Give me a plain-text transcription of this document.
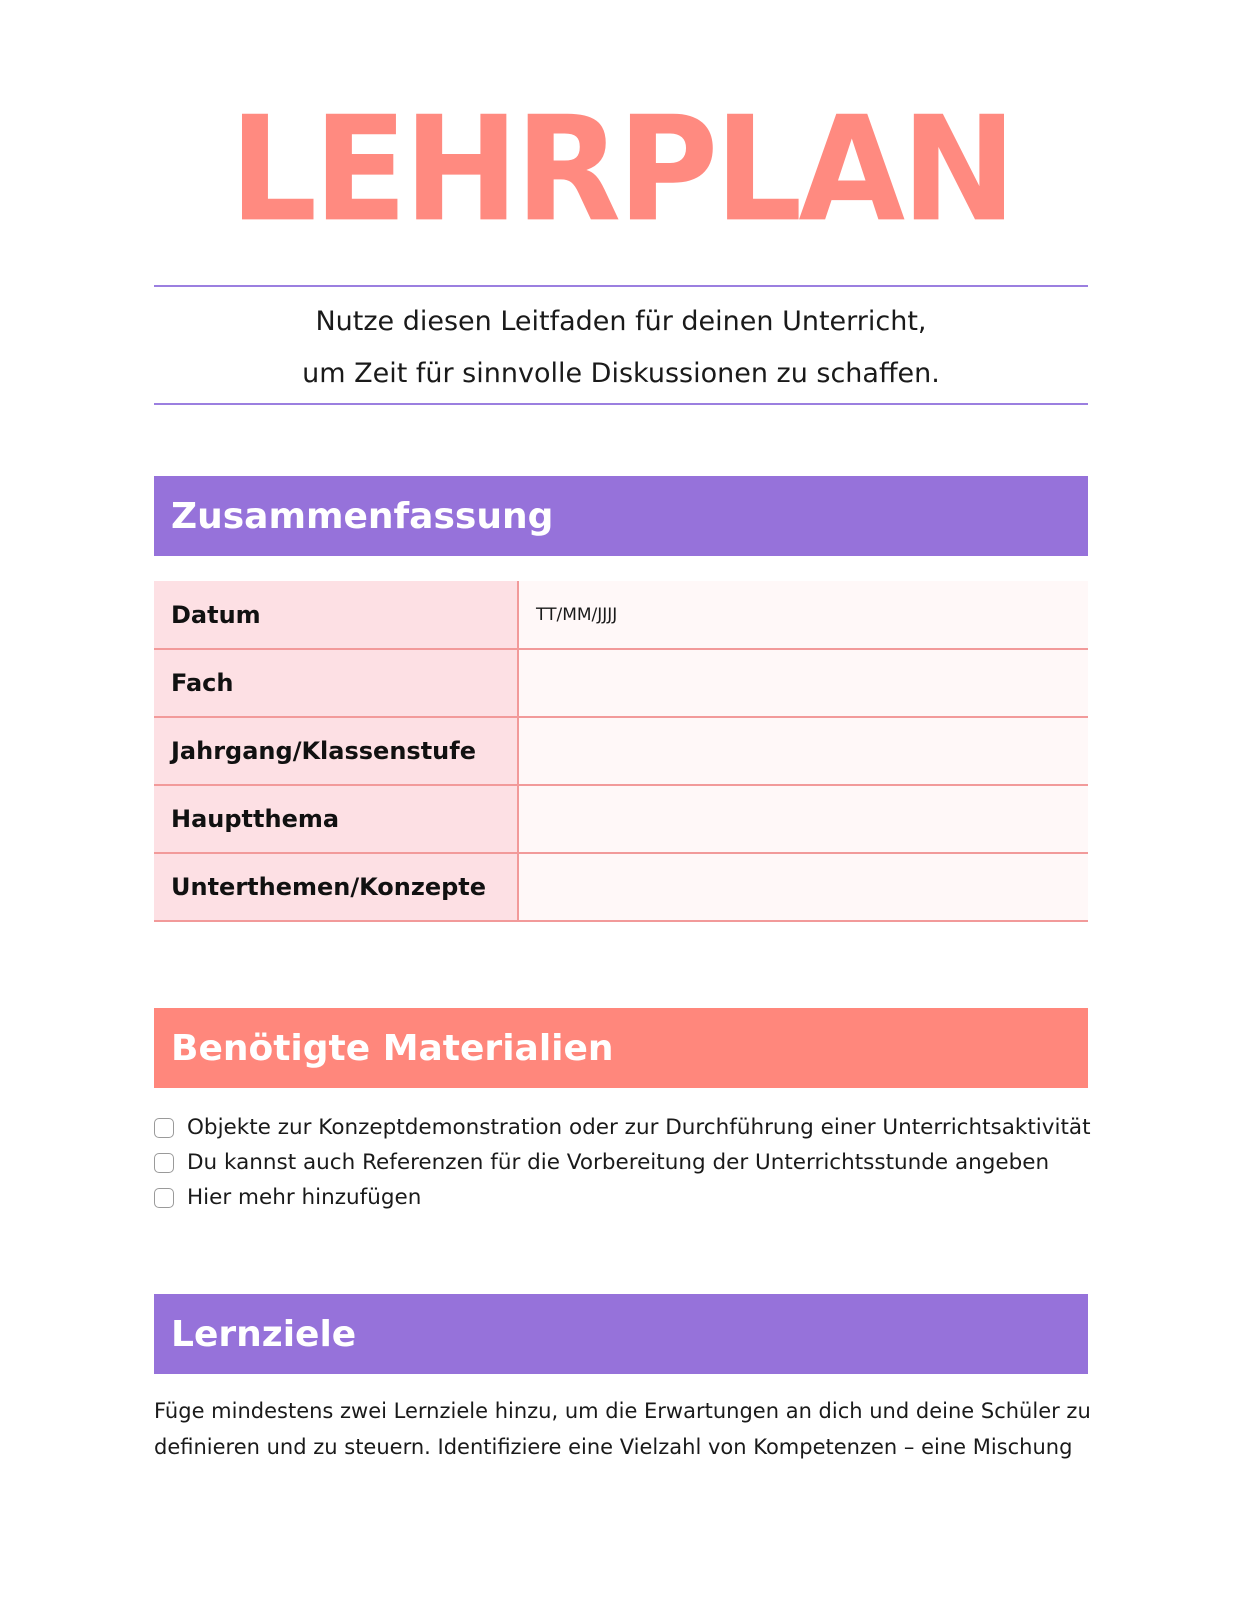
LEHRPLAN
Nutze diesen Leitfaden für deinen Unterricht,
um Zeit für sinnvolle Diskussionen zu schaffen.
Zusammenfassung
Datum	TT/MM/JJJJ
Fach	
Jahrgang/Klassenstufe	
Hauptthema	
Unterthemen/Konzepte	
Benötigte Materialien
Objekte zur Konzeptdemonstration oder zur Durchführung einer Unterrichtsaktivität
Du kannst auch Referenzen für die Vorbereitung der Unterrichtsstunde angeben
Hier mehr hinzufügen
Lernziele
Füge mindestens zwei Lernziele hinzu, um die Erwartungen an dich und deine Schüler zu
definieren und zu steuern. Identifiziere eine Vielzahl von Kompetenzen – eine Mischung
